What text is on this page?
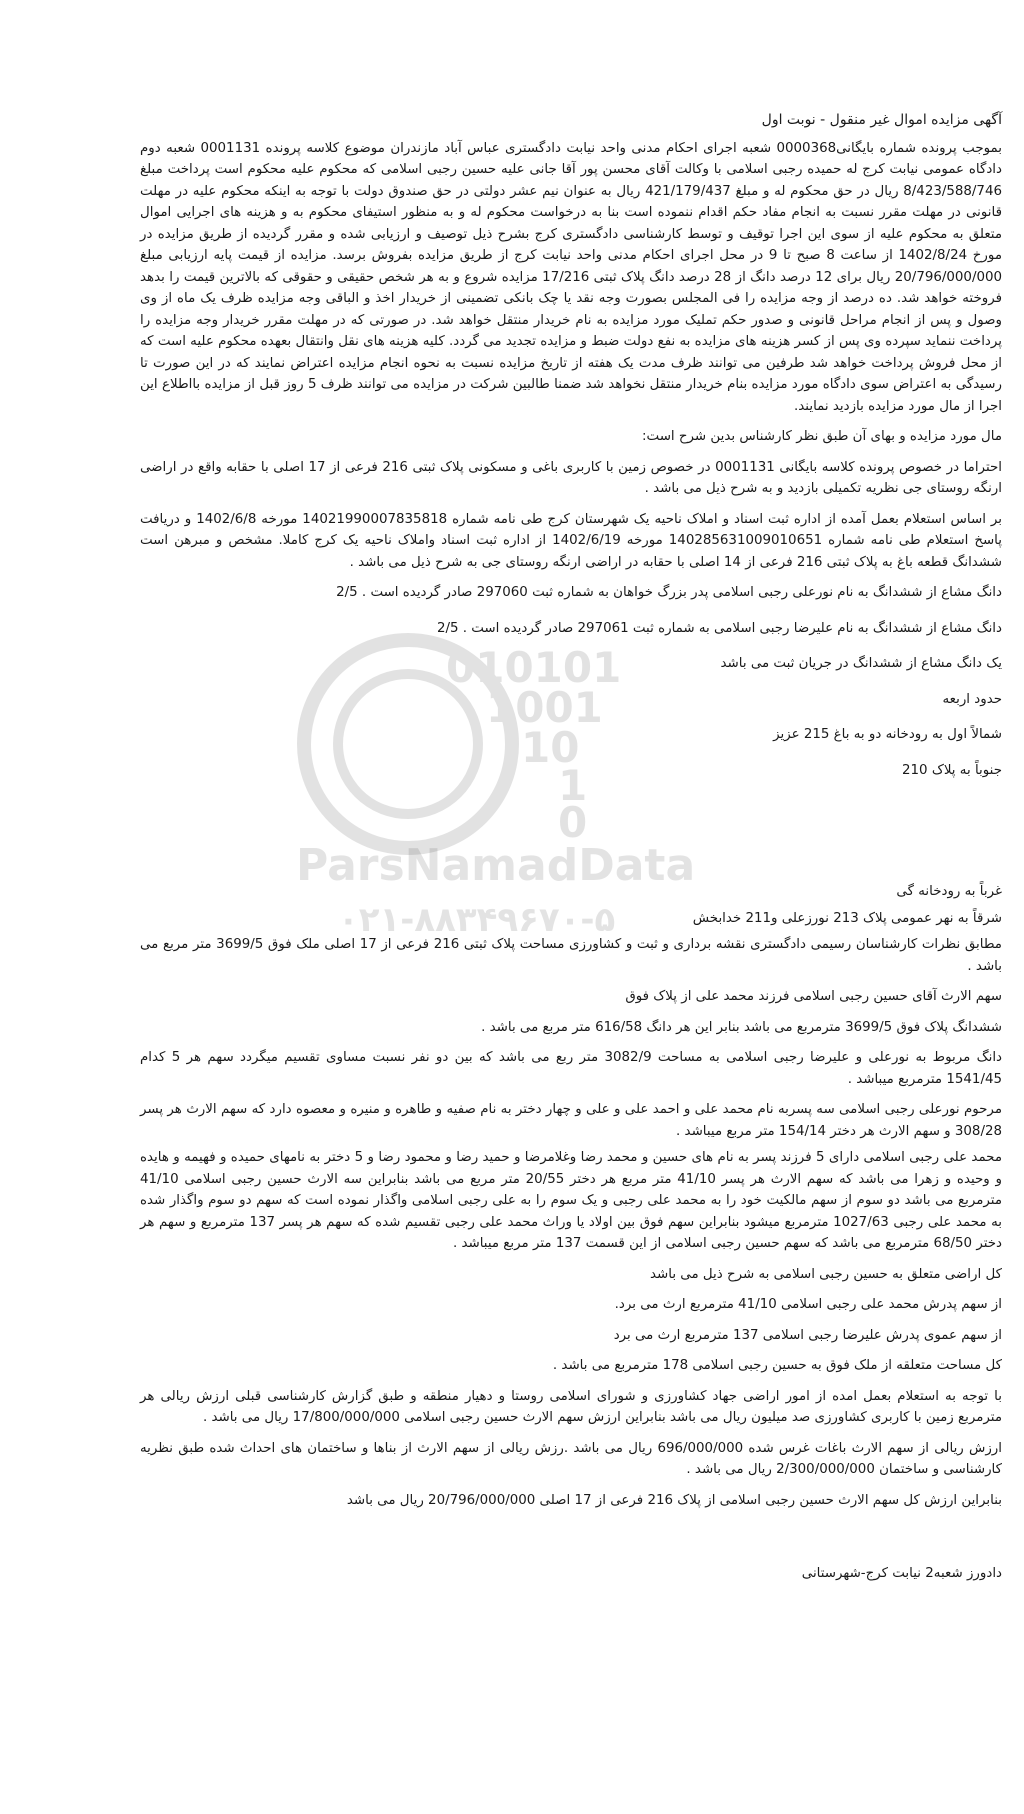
010101
1001
10
1
0
ParsNamadData
۰۲۱-۸۸۳۴۹۶۷۰-۵

آگهی مزایده اموال غیر منقول - نوبت اول

بموجب پرونده شماره بایگانی0000368 شعبه اجرای احکام مدنی واحد نیابت دادگستری عباس آباد مازندران موضوع کلاسه پرونده 0001131 شعبه دوم دادگاه عمومی نیابت کرج له حمیده رجبی اسلامی با وکالت آقای محسن پور آقا جانی علیه حسین رجبی اسلامی که محکوم علیه محکوم است پرداخت مبلغ 8/423/588/746 ریال در حق محکوم له و مبلغ 421/179/437 ریال به عنوان نیم عشر دولتی در حق صندوق دولت با توجه به اینکه محکوم علیه در مهلت قانونی در مهلت مقرر نسبت به انجام مفاد حکم اقدام ننموده است بنا به درخواست محکوم له و به منظور استیفای محکوم به و هزینه های اجرایی اموال متعلق به محکوم علیه از سوی این اجرا توقیف و توسط کارشناسی دادگستری کرج بشرح ذیل توصیف و ارزیابی شده و مقرر گردیده از طریق مزایده در مورخ 1402/8/24 از ساعت 8 صبح تا 9 در محل اجرای احکام مدنی واحد نیابت کرج از طریق مزایده بفروش برسد. مزایده از قیمت پایه ارزیابی مبلغ 20/796/000/000 ریال برای 12 درصد دانگ از 28 درصد دانگ پلاک ثبتی 17/216 مزایده شروع و به هر شخص حقیقی و حقوقی که بالاترین قیمت را بدهد فروخته خواهد شد. ده درصد از وجه مزایده را فی المجلس بصورت وجه نقد یا چک بانکی تضمینی از خریدار اخذ و الباقی وجه مزایده ظرف یک ماه از وی وصول و پس از انجام مراحل قانونی و صدور حکم تملیک مورد مزایده به نام خریدار منتقل خواهد شد. در صورتی که در مهلت مقرر خریدار وجه مزایده را پرداخت ننماید سپرده وی پس از کسر هزینه های مزایده به نفع دولت ضبط و مزایده تجدید می گردد. کلیه هزینه های نقل وانتقال بعهده محکوم علیه است که از محل فروش پرداخت خواهد شد طرفین می توانند ظرف مدت یک هفته از تاریخ مزایده نسبت به نحوه انجام مزایده اعتراض نمایند که در این صورت تا رسیدگی به اعتراض سوی دادگاه مورد مزایده بنام خریدار منتقل نخواهد شد ضمنا طالبین شرکت در مزایده می توانند ظرف 5 روز قبل از مزایده بااطلاع این اجرا از مال مورد مزایده بازدید نمایند.

مال مورد مزایده و بهای آن طبق نظر کارشناس بدین شرح است:

احتراما در خصوص پرونده کلاسه بایگانی 0001131 در خصوص زمین با کاربری باغی و مسکونی پلاک ثبتی 216 فرعی از 17 اصلی با حقابه واقع در اراضی ارنگه روستای جی نظریه تکمیلی بازدید و به شرح ذیل می باشد .

بر اساس استعلام بعمل آمده از اداره ثبت اسناد و املاک ناحیه یک شهرستان کرج طی نامه شماره 14021990007835818 مورخه 1402/6/8 و دریافت پاسخ استعلام طی نامه شماره 140285631009010651 مورخه 1402/6/19 از اداره ثبت اسناد واملاک ناحیه یک کرج کاملا. مشخص و مبرهن است ششدانگ قطعه باغ به پلاک ثبتی 216 فرعی از 14 اصلی با حقابه در اراضی ارنگه روستای جی به شرح ذیل می باشد .

دانگ مشاع از ششدانگ به نام نورعلی رجبی اسلامی پدر بزرگ خواهان به شماره ثبت 297060 صادر گردیده است . 2/5

دانگ مشاع از ششدانگ به نام علیرضا رجبی اسلامی به شماره ثبت 297061 صادر گردیده است . 2/5

یک دانگ مشاع از ششدانگ در جریان ثبت می باشد

حدود اربعه

شمالاً اول به رودخانه دو به باغ 215 عزیز

جنوباً به پلاک 210

غرباً به رودخانه گی

شرقاً به نهر عمومی پلاک 213 نورزعلی و211 خدابخش

مطابق نظرات کارشناسان رسیمی دادگستری نقشه برداری و ثبت و کشاورزی مساحت پلاک ثبتی 216 فرعی از 17 اصلی ملک فوق 3699/5 متر مربع می باشد .

سهم الارث آقای حسین رجبی اسلامی فرزند محمد علی از پلاک فوق

ششدانگ پلاک فوق 3699/5 مترمربع می باشد بنابر این هر دانگ 616/58 متر مربع می باشد .

دانگ مربوط به نورعلی و علیرضا رجبی اسلامی به مساحت 3082/9 متر ربع می باشد که بین دو نفر نسبت مساوی تقسیم میگردد سهم هر 5 کدام 1541/45 مترمربع میباشد .

مرحوم نورعلی رجبی اسلامی سه پسربه نام محمد علی و احمد علی و علی و چهار دختر به نام صفیه و طاهره و منیره و معصوه دارد که سهم الارث هر پسر 308/28 و سهم الارث هر دختر 154/14 متر مربع میباشد .

محمد علی رجبی اسلامی دارای 5 فرزند پسر به نام های حسین و محمد رضا وغلامرضا و حمید رضا و محمود رضا و 5 دختر به نامهای حمیده و فهیمه و هایده و وحیده و زهرا می باشد که سهم الارث هر پسر 41/10 متر مربع هر دختر 20/55 متر مربع می باشد بنابراین سه الارث حسین رجبی اسلامی 41/10 مترمربع می باشد دو سوم از سهم مالکیت خود را به محمد علی رجبی و یک سوم را به علی رجبی اسلامی واگذار نموده است که سهم دو سوم واگذار شده به محمد علی رجبی 1027/63 مترمربع میشود بنابراین سهم فوق بین اولاد یا وراث محمد علی رجبی تقسیم شده که سهم هر پسر 137 مترمربع و سهم هر دختر 68/50 مترمربع می باشد که سهم حسین رجبی اسلامی از این قسمت 137 متر مربع میباشد .

کل اراضی متعلق به حسین رجبی اسلامی به شرح ذیل می باشد

از سهم پدرش محمد علی رجبی اسلامی 41/10 مترمربع ارث می برد.

از سهم عموی پدرش علیرضا رجبی اسلامی 137 مترمربع ارث می برد

کل مساحت متعلقه از ملک فوق به حسین رجبی اسلامی 178 مترمربع می باشد .

با توجه به استعلام بعمل امده از امور اراضی جهاد کشاورزی و شورای اسلامی روستا و دهیار منطقه و طبق گزارش کارشناسی قبلی ارزش ریالی هر مترمربع زمین با کاربری کشاورزی صد میلیون ریال می باشد بنابراین ارزش سهم الارث حسین رجبی اسلامی 17/800/000/000 ریال می باشد .

ارزش ریالی از سهم الارث باغات غرس شده 696/000/000 ریال می باشد .رزش ریالی از سهم الارث از بناها و ساختمان های احداث شده طبق نظریه کارشناسی و ساختمان 2/300/000/000 ریال می باشد .

بنابراین ارزش کل سهم الارث حسین رجبی اسلامی از پلاک 216 فرعی از 17 اصلی 20/796/000/000 ریال می باشد

دادورز شعبه2 نیابت کرج-شهرستانی
